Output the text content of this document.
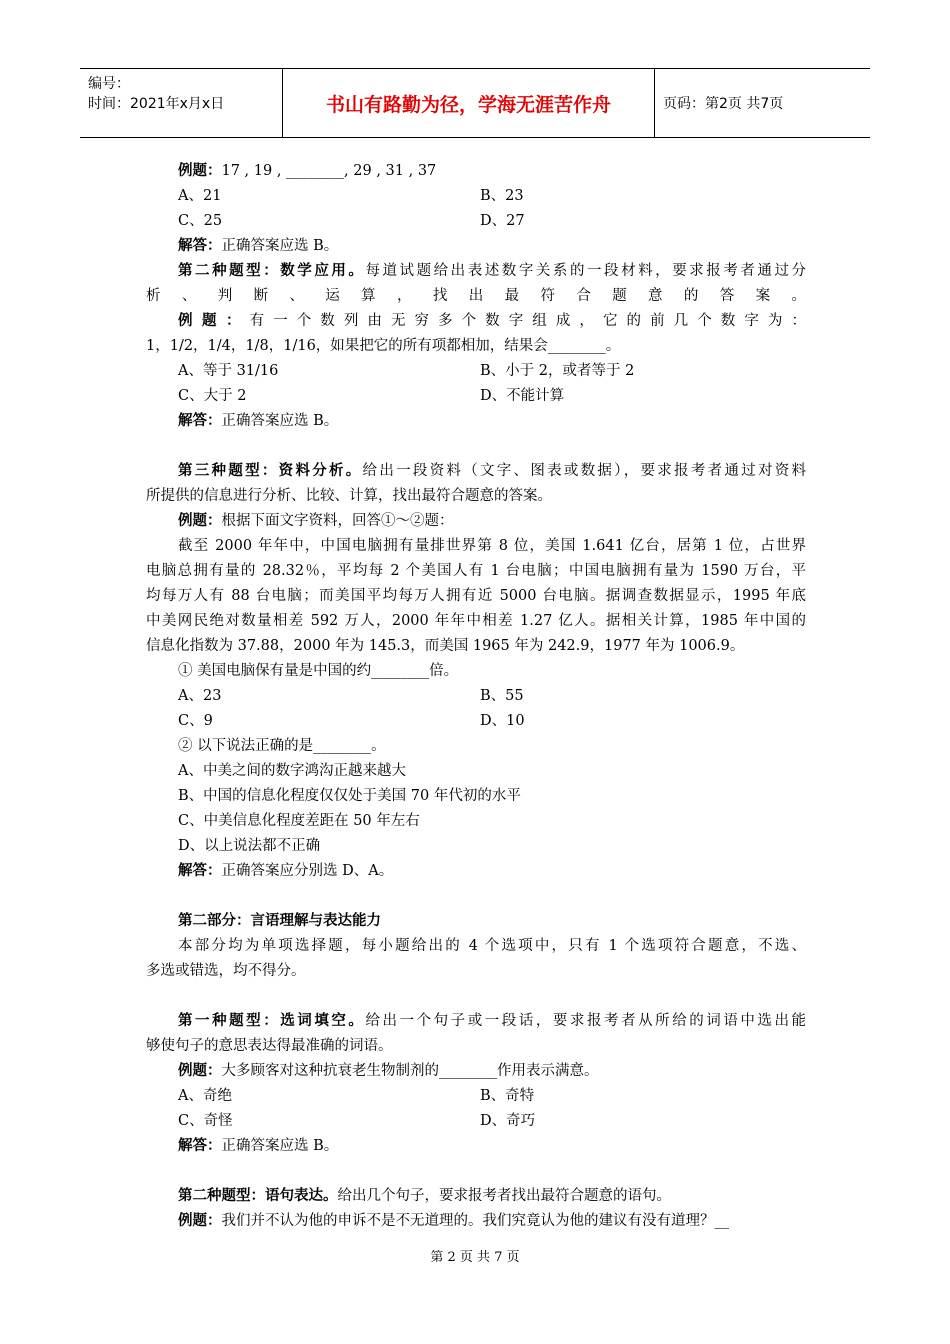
编号：
时间：2021年x月x日	书山有路勤为径，学海无涯苦作舟	页码：第2页 共7页
例题：17 , 19 , ________, 29 , 31 , 37
A、21	B、23
C、25	D、27
解答：正确答案应选 B。
第二种题型：数学应用。每道试题给出表述数字关系的一段材料，要求报考者通过分
析、判断、运算，找出最符合题意的答案。
例 题 ： 有 一 个 数 列 由 无 穷 多 个 数 字 组 成 ， 它 的 前 几 个 数 字 为 ：
1，1/2，1/4，1/8，1/16，如果把它的所有项都相加，结果会________。
A、等于 31/16	B、小于 2，或者等于 2
C、大于 2	D、不能计算
解答：正确答案应选 B。
第三种题型：资料分析。给出一段资料（文字、图表或数据），要求报考者通过对资料
所提供的信息进行分析、比较、计算，找出最符合题意的答案。
例题：根据下面文字资料，回答①～②题：
截至 2000 年年中，中国电脑拥有量排世界第 8 位，美国 1.641 亿台，居第 1 位，占世界
电脑总拥有量的 28.32％，平均每 2 个美国人有 1 台电脑；中国电脑拥有量为 1590 万台，平
均每万人有 88 台电脑；而美国平均每万人拥有近 5000 台电脑。据调查数据显示，1995 年底
中美网民绝对数量相差 592 万人，2000 年年中相差 1.27 亿人。据相关计算，1985 年中国的
信息化指数为 37.88，2000 年为 145.3，而美国 1965 年为 242.9，1977 年为 1006.9。
① 美国电脑保有量是中国的约________倍。
A、23	B、55
C、9	D、10
② 以下说法正确的是________。
A、中美之间的数字鸿沟正越来越大
B、中国的信息化程度仅仅处于美国 70 年代初的水平
C、中美信息化程度差距在 50 年左右
D、以上说法都不正确
解答：正确答案应分别选 D、A。
第二部分：言语理解与表达能力
本部分均为单项选择题，每小题给出的 4 个选项中，只有 1 个选项符合题意，不选、
多选或错选，均不得分。
第一种题型：选词填空。给出一个句子或一段话，要求报考者从所给的词语中选出能
够使句子的意思表达得最准确的词语。
例题：大多顾客对这种抗衰老生物制剂的________作用表示满意。
A、奇绝	B、奇特
C、奇怪	D、奇巧
解答：正确答案应选 B。
第二种题型：语句表达。给出几个句子，要求报考者找出最符合题意的语句。
例题：我们并不认为他的申诉不是不无道理的。我们究竟认为他的建议有没有道理？__
第 2 页 共 7 页
